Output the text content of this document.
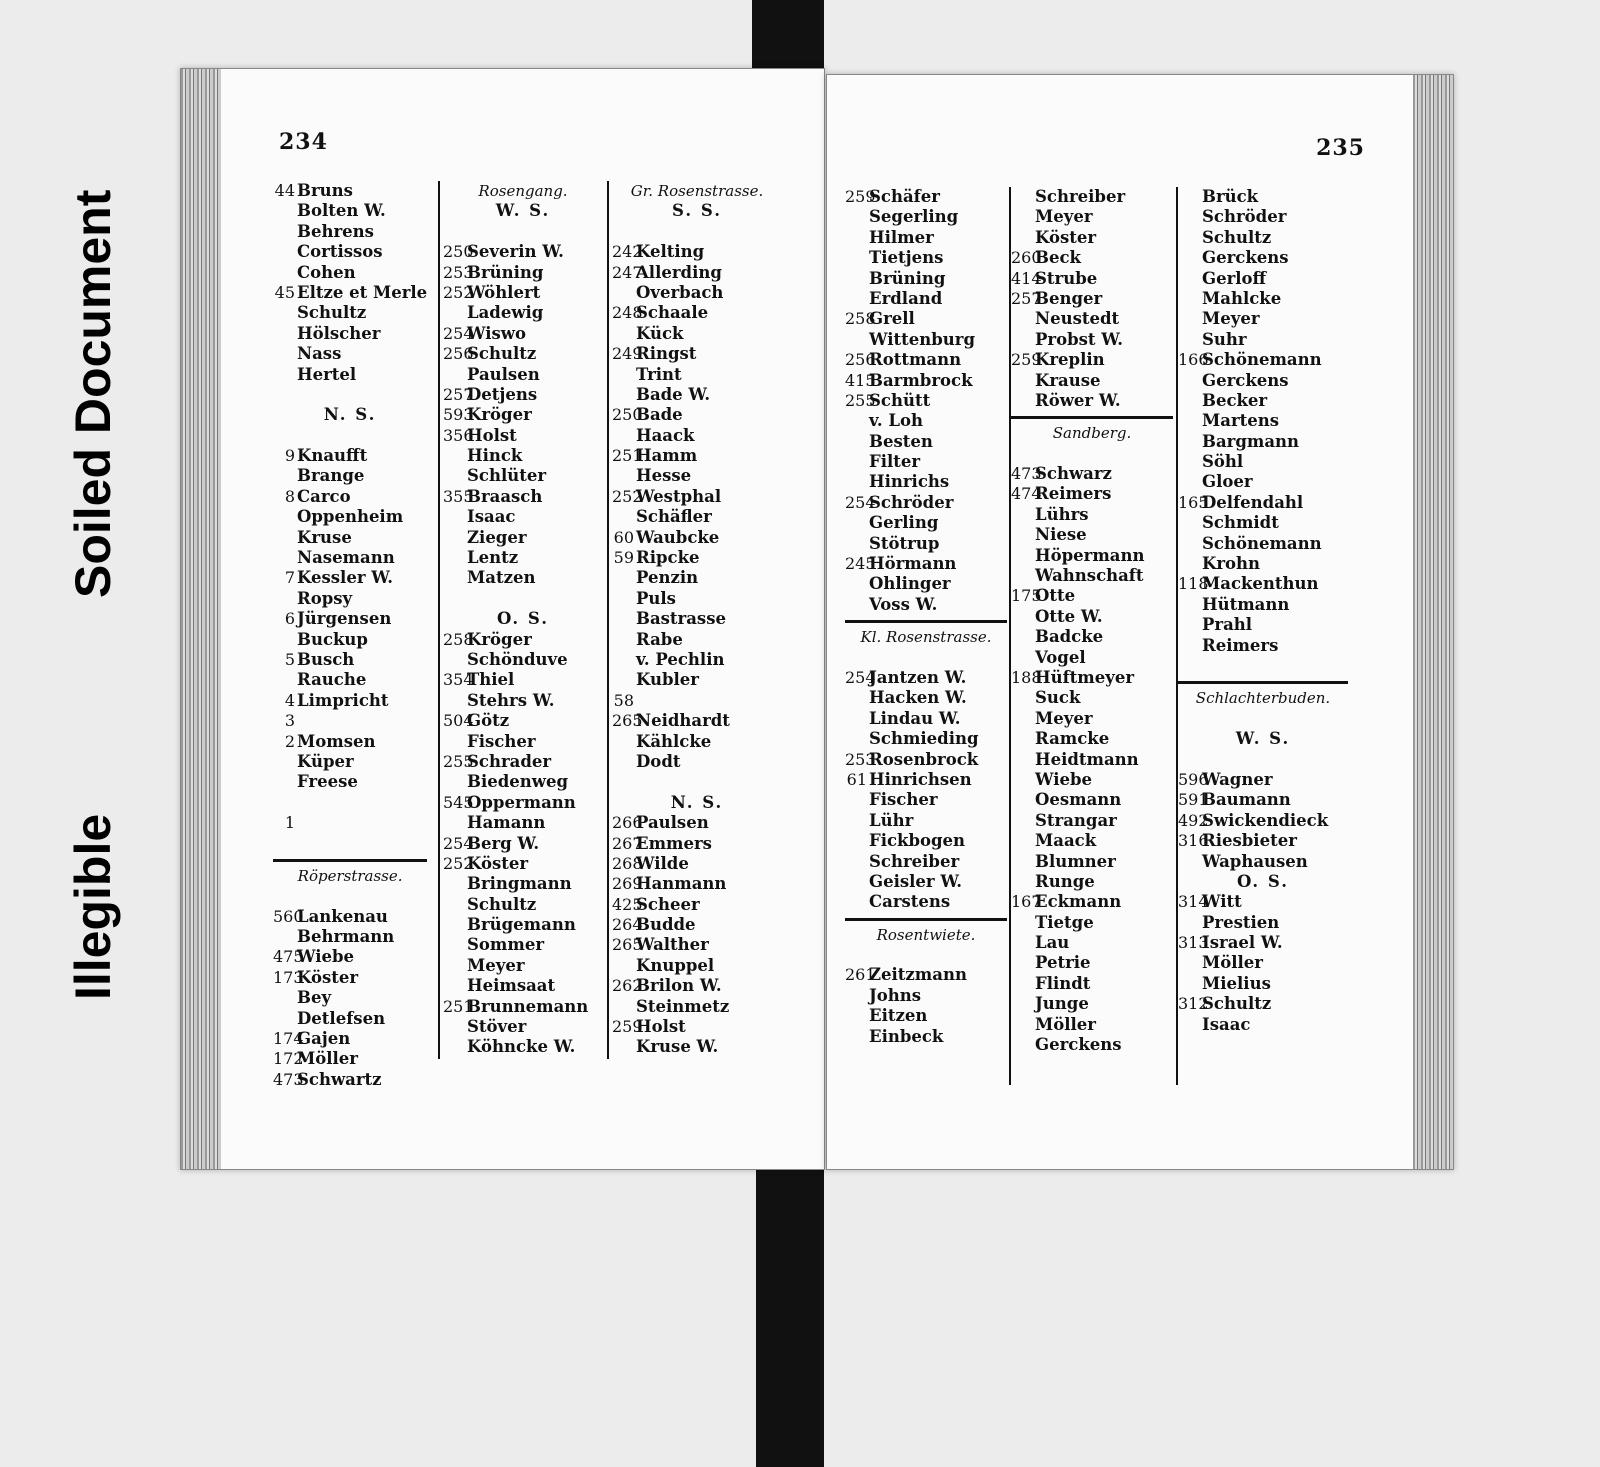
Soiled Document
Illegible
234
44 Bruns
Bolten W.
Behrens
Cortissos
Cohen
45 Eltze et Merle
Schultz
Hölscher
Nass
Hertel
N. S.
9 Knaufft
Brange
8 Carco
Oppenheim
Kruse
Nasemann
7 Kessler W.
Ropsy
6 Jürgensen
Buckup
5 Busch
Rauche
4 Limpricht
3
2 Momsen
Küper
Freese
1
Röperstrasse.
560Lankenau
Behrmann
475Wiebe
173Köster
Bey
Detlefsen
174Gajen
172Möller
473Schwartz
Rosengang.
W. S.
250Severin W.
253Brüning
252Wöhlert
Ladewig
254Wiswo
256Schultz
Paulsen
257Detjens
593Kröger
356Holst
Hinck
Schlüter
355Braasch
Isaac
Zieger
Lentz
Matzen
O. S.
258Kröger
Schönduve
354Thiel
Stehrs W.
504Götz
Fischer
255Schrader
Biedenweg
545Oppermann
Hamann
254Berg W.
252Köster
Bringmann
Schultz
Brügemann
Sommer
Meyer
Heimsaat
251Brunnemann
Stöver
Köhncke W.
Gr. Rosenstrasse.
S. S.
242Kelting
247Allerding
Overbach
248Schaale
Kück
249Ringst
Trint
Bade W.
250Bade
Haack
251Hamm
Hesse
252Westphal
Schäfler
60 Waubcke
59 Ripcke
Penzin
Puls
Bastrasse
Rabe
v. Pechlin
Kubler
58
265Neidhardt
Kählcke
Dodt
N. S.
266Paulsen
267Emmers
268Wilde
269Hanmann
425Scheer
264Budde
265Walther
Knuppel
262Brilon W.
Steinmetz
259Holst
Kruse W.
235
259Schäfer
Segerling
Hilmer
Tietjens
Brüning
Erdland
258Grell
Wittenburg
256Rottmann
415Barmbrock
255Schütt
v. Loh
Besten
Filter
Hinrichs
254Schröder
Gerling
Stötrup
245Hörmann
Ohlinger
Voss W.
Kl. Rosenstrasse.
254Jantzen W.
Hacken W.
Lindau W.
Schmieding
253Rosenbrock
61 Hinrichsen
Fischer
Lühr
Fickbogen
Schreiber
Geisler W.
Carstens
Rosentwiete.
261Zeitzmann
Johns
Eitzen
Einbeck
Schreiber
Meyer
Köster
260Beck
414Strube
257Benger
Neustedt
Probst W.
259Kreplin
Krause
Röwer W.
Sandberg.
473Schwarz
474Reimers
Lührs
Niese
Höpermann
Wahnschaft
175Otte
Otte W.
Badcke
Vogel
188Hüftmeyer
Suck
Meyer
Ramcke
Heidtmann
Wiebe
Oesmann
Strangar
Maack
Blumner
Runge
167Eckmann
Tietge
Lau
Petrie
Flindt
Junge
Möller
Gerckens
Brück
Schröder
Schultz
Gerckens
Gerloff
Mahlcke
Meyer
Suhr
166Schönemann
Gerckens
Becker
Martens
Bargmann
Söhl
Gloer
165Delfendahl
Schmidt
Schönemann
Krohn
118Mackenthun
Hütmann
Prahl
Reimers
Schlachterbuden.
W. S.
596Wagner
591Baumann
492Swickendieck
316Riesbieter
Waphausen
O. S.
314Witt
Prestien
313Israel W.
Möller
Mielius
312Schultz
Isaac
